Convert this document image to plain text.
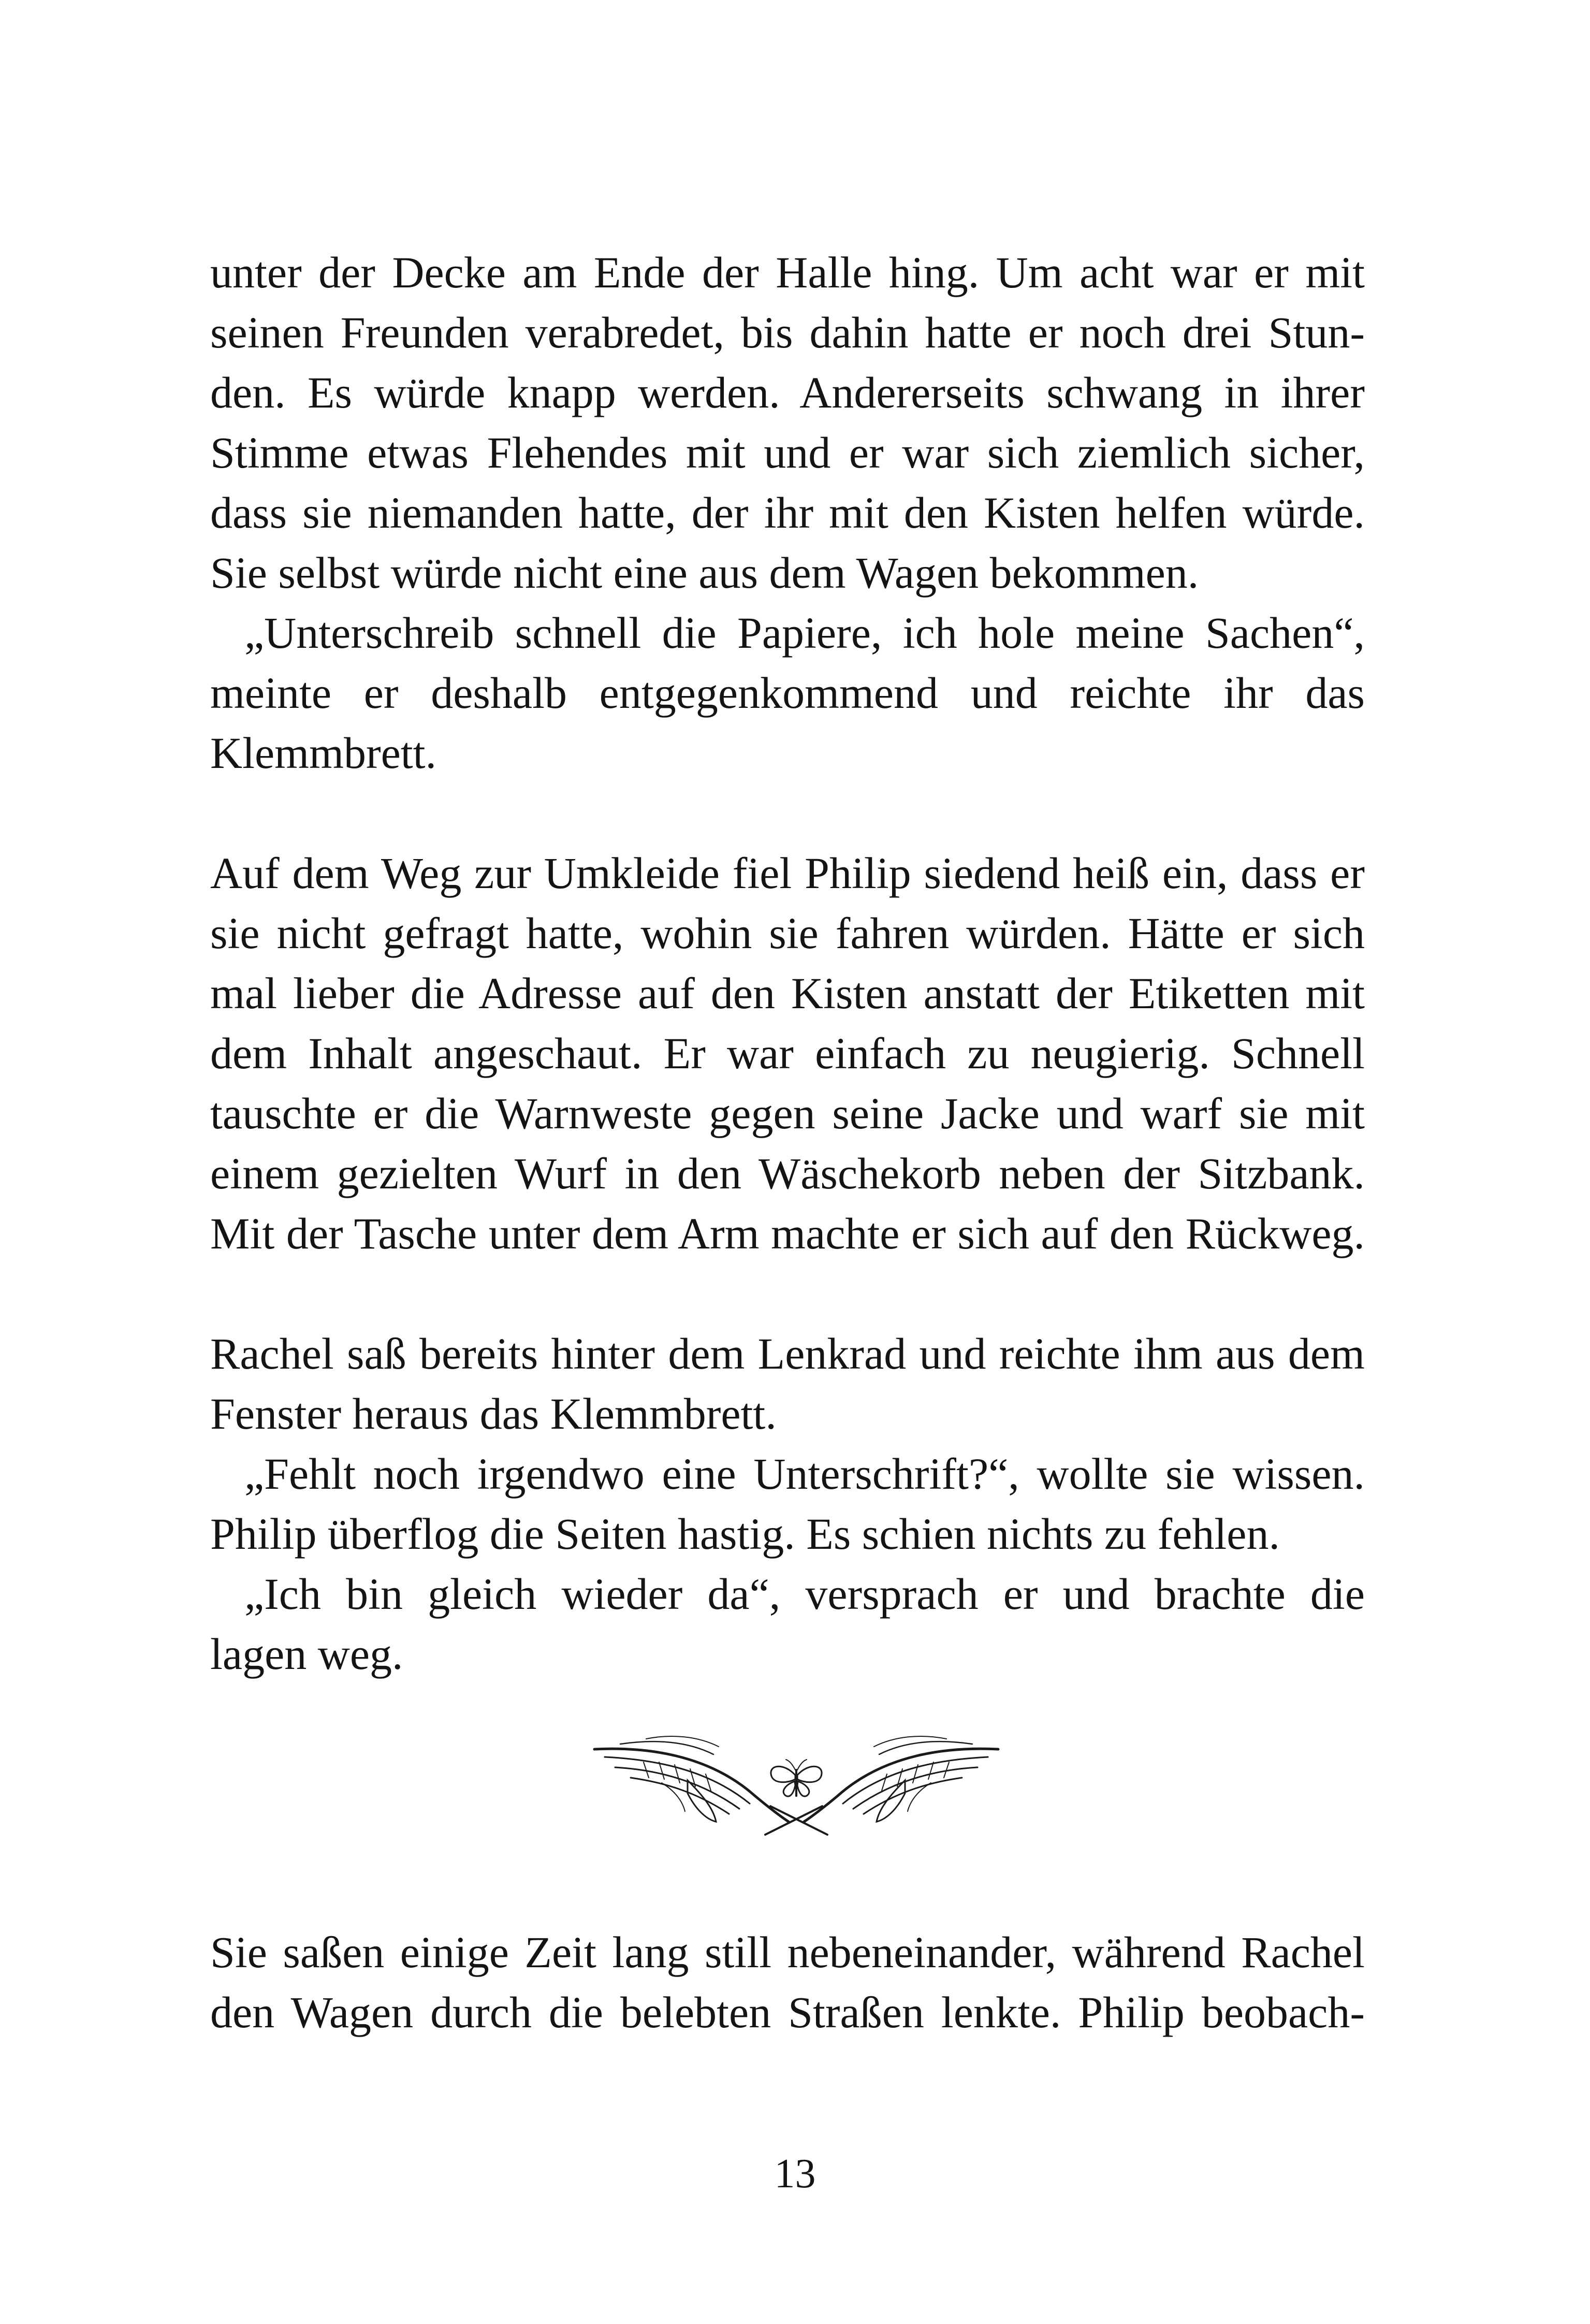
unter der Decke am Ende der Halle hing. Um acht war er mit
seinen Freunden verabredet, bis dahin hatte er noch drei Stun-
den. Es würde knapp werden. Andererseits schwang in ihrer
Stimme etwas Flehendes mit und er war sich ziemlich sicher,
dass sie niemanden hatte, der ihr mit den Kisten helfen würde.
Sie selbst würde nicht eine aus dem Wagen bekommen.
„Unterschreib schnell die Papiere, ich hole meine Sachen“,
meinte er deshalb entgegenkommend und reichte ihr das
Klemmbrett.
Auf dem Weg zur Umkleide fiel Philip siedend heiß ein, dass er
sie nicht gefragt hatte, wohin sie fahren würden. Hätte er sich
mal lieber die Adresse auf den Kisten anstatt der Etiketten mit
dem Inhalt angeschaut. Er war einfach zu neugierig. Schnell
tauschte er die Warnweste gegen seine Jacke und warf sie mit
einem gezielten Wurf in den Wäschekorb neben der Sitzbank.
Mit der Tasche unter dem Arm machte er sich auf den Rückweg.
Rachel saß bereits hinter dem Lenkrad und reichte ihm aus dem
Fenster heraus das Klemmbrett.
„Fehlt noch irgendwo eine Unterschrift?“, wollte sie wissen.
Philip überflog die Seiten hastig. Es schien nichts zu fehlen.
„Ich bin gleich wieder da“, versprach er und brachte die
lagen weg.
Sie saßen einige Zeit lang still nebeneinander, während Rachel
den Wagen durch die belebten Straßen lenkte. Philip beobach-
13
